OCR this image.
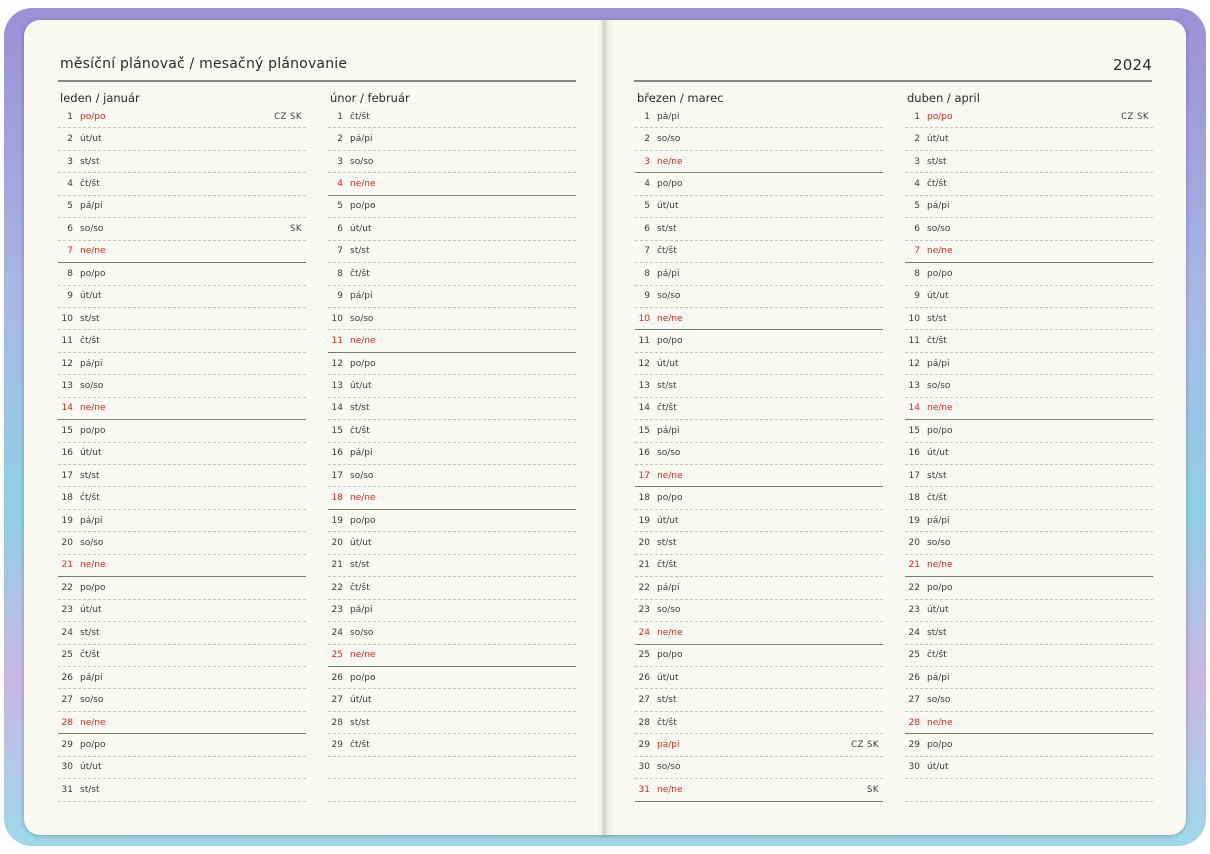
měsíční plánovač / mesačný plánovanie	2024
leden / január
1 po/po	CZ SK
2 út/ut
3 st/st
4 čt/št
5 pá/pi
6 so/so	SK
7 ne/ne
8 po/po
9 út/ut
10 st/st
11 čt/št
12 pá/pi
13 so/so
14 ne/ne
15 po/po
16 út/ut
17 st/st
18 čt/št
19 pá/pi
20 so/so
21 ne/ne
22 po/po
23 út/ut
24 st/st
25 čt/št
26 pá/pi
27 so/so
28 ne/ne
29 po/po
30 út/ut
31 st/st
únor / február
1 čt/št
2 pá/pi
3 so/so
4 ne/ne
5 po/po
6 út/ut
7 st/st
8 čt/št
9 pá/pi
10 so/so
11 ne/ne
12 po/po
13 út/ut
14 st/st
15 čt/št
16 pá/pi
17 so/so
18 ne/ne
19 po/po
20 út/ut
21 st/st
22 čt/št
23 pá/pi
24 so/so
25 ne/ne
26 po/po
27 út/ut
28 st/st
29 čt/št
březen / marec
1 pá/pi
2 so/so
3 ne/ne
4 po/po
5 út/ut
6 st/st
7 čt/št
8 pá/pi
9 so/so
10 ne/ne
11 po/po
12 út/ut
13 st/st
14 čt/št
15 pá/pi
16 so/so
17 ne/ne
18 po/po
19 út/ut
20 st/st
21 čt/št
22 pá/pi
23 so/so
24 ne/ne
25 po/po
26 út/ut
27 st/st
28 čt/št
29 pá/pi	CZ SK
30 so/so
31 ne/ne	SK
duben / april
1 po/po	CZ SK
2 út/ut
3 st/st
4 čt/št
5 pá/pi
6 so/so
7 ne/ne
8 po/po
9 út/ut
10 st/st
11 čt/št
12 pá/pi
13 so/so
14 ne/ne
15 po/po
16 út/ut
17 st/st
18 čt/št
19 pá/pi
20 so/so
21 ne/ne
22 po/po
23 út/ut
24 st/st
25 čt/št
26 pá/pi
27 so/so
28 ne/ne
29 po/po
30 út/ut
